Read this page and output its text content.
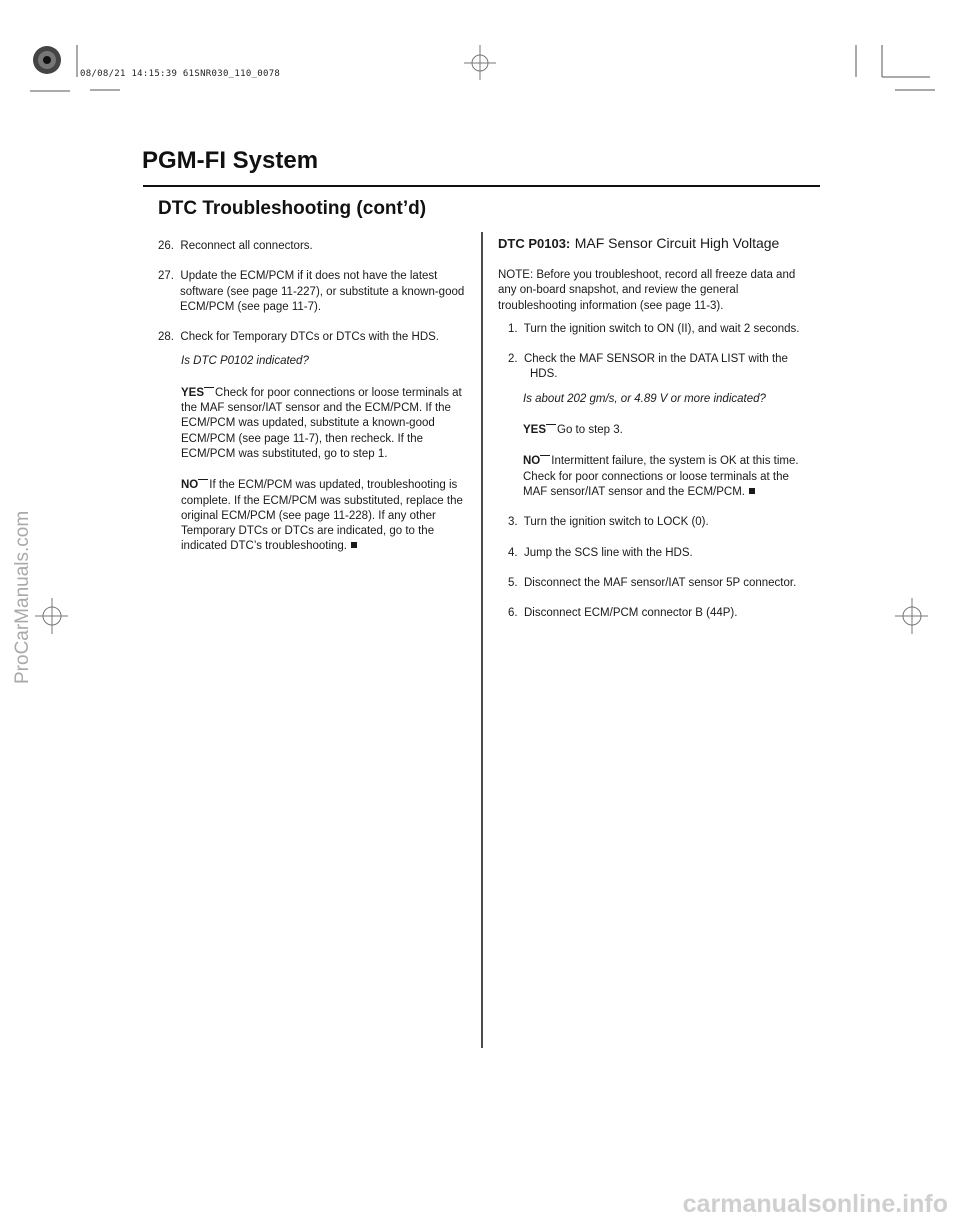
08/08/21 14:15:39 61SNR030_110_0078
PGM-FI System
DTC Troubleshooting (cont’d)
26. Reconnect all connectors.
27. Update the ECM/PCM if it does not have the latest software (see page 11-227), or substitute a known-good ECM/PCM (see page 11-7).
28. Check for Temporary DTCs or DTCs with the HDS.
Is DTC P0102 indicated?
YES Check for poor connections or loose terminals at the MAF sensor/IAT sensor and the ECM/PCM. If the ECM/PCM was updated, substitute a known-good ECM/PCM (see page 11-7), then recheck. If the ECM/PCM was substituted, go to step 1.
NO If the ECM/PCM was updated, troubleshooting is complete. If the ECM/PCM was substituted, replace the original ECM/PCM (see page 11-228). If any other Temporary DTCs or DTCs are indicated, go to the indicated DTC’s troubleshooting.
DTC P0103: MAF Sensor Circuit High Voltage
NOTE: Before you troubleshoot, record all freeze data and any on-board snapshot, and review the general troubleshooting information (see page 11-3).
1. Turn the ignition switch to ON (II), and wait 2 seconds.
2. Check the MAF SENSOR in the DATA LIST with the HDS.
Is about 202 gm/s, or 4.89 V or more indicated?
YES Go to step 3.
NO Intermittent failure, the system is OK at this time. Check for poor connections or loose terminals at the MAF sensor/IAT sensor and the ECM/PCM.
3. Turn the ignition switch to LOCK (0).
4. Jump the SCS line with the HDS.
5. Disconnect the MAF sensor/IAT sensor 5P connector.
6. Disconnect ECM/PCM connector B (44P).
ProCarManuals.com
carmanualsonline.info
